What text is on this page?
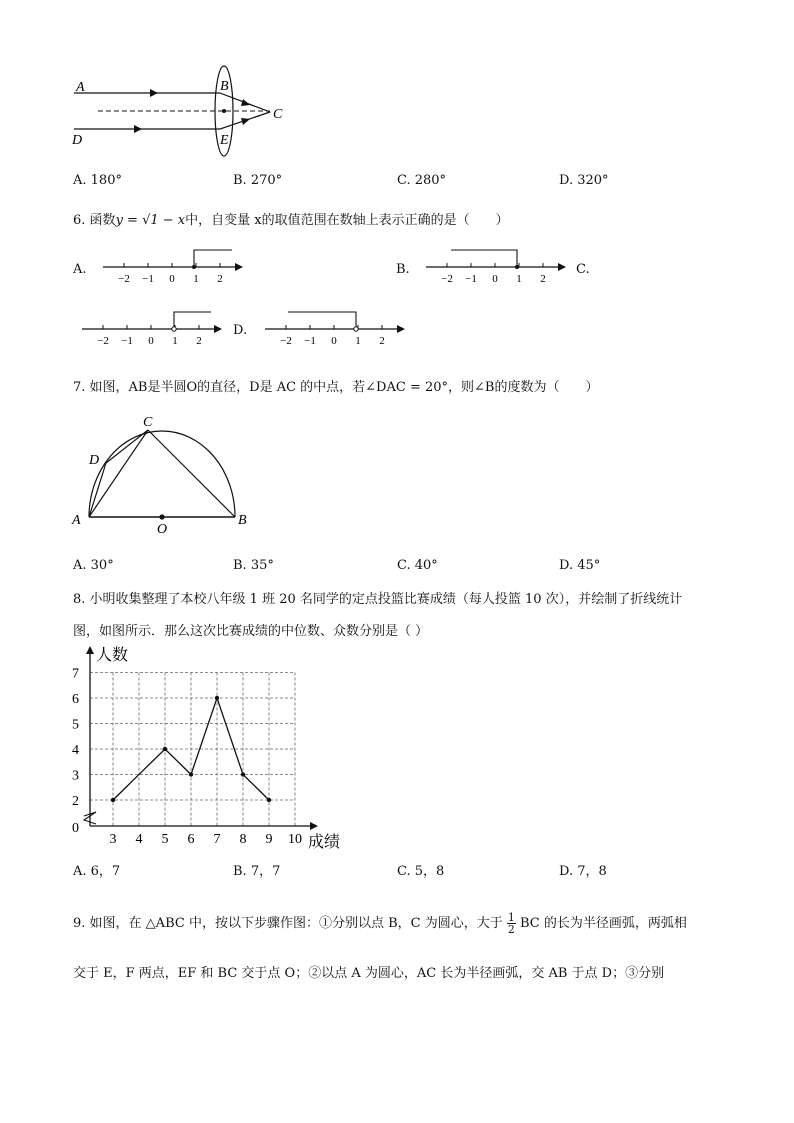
A	B
C
D	E
A. 180°	B. 270°	C. 280°	D. 320°
6. 函数y = √1 − x中，自变量 x的取值范围在数轴上表示正确的是（　　）
A.
−2 −1 0 1 2
B.
−2 −1 0 1 2
C.
−2 −1 0 1 2
D.
−2 −1 0 1 2
7. 如图，AB是半圆O的直径，D是 AC 的中点，若∠DAC = 20°，则∠B的度数为（　　）
C
D
A
O
B
A. 30°	B. 35°	C. 40°	D. 45°
8. 小明收集整理了本校八年级 1 班 20 名同学的定点投篮比赛成绩（每人投篮 10 次），并绘制了折线统计
图，如图所示．那么这次比赛成绩的中位数、众数分别是（ ）
0
2
3
4
5
6
7
3 4 5 6 7 8 9 10
人数
成绩
A. 6，7	B. 7，7	C. 5，8	D. 7，8
9. 如图，在 △ABC 中，按以下步骤作图：①分别以点 B，C 为圆心，大于 $\frac{1}{2}$ BC 的长为半径画弧，两弧相
交于 E，F 两点，EF 和 BC 交于点 O；②以点 A 为圆心，AC 长为半径画弧，交 AB 于点 D；③分别
